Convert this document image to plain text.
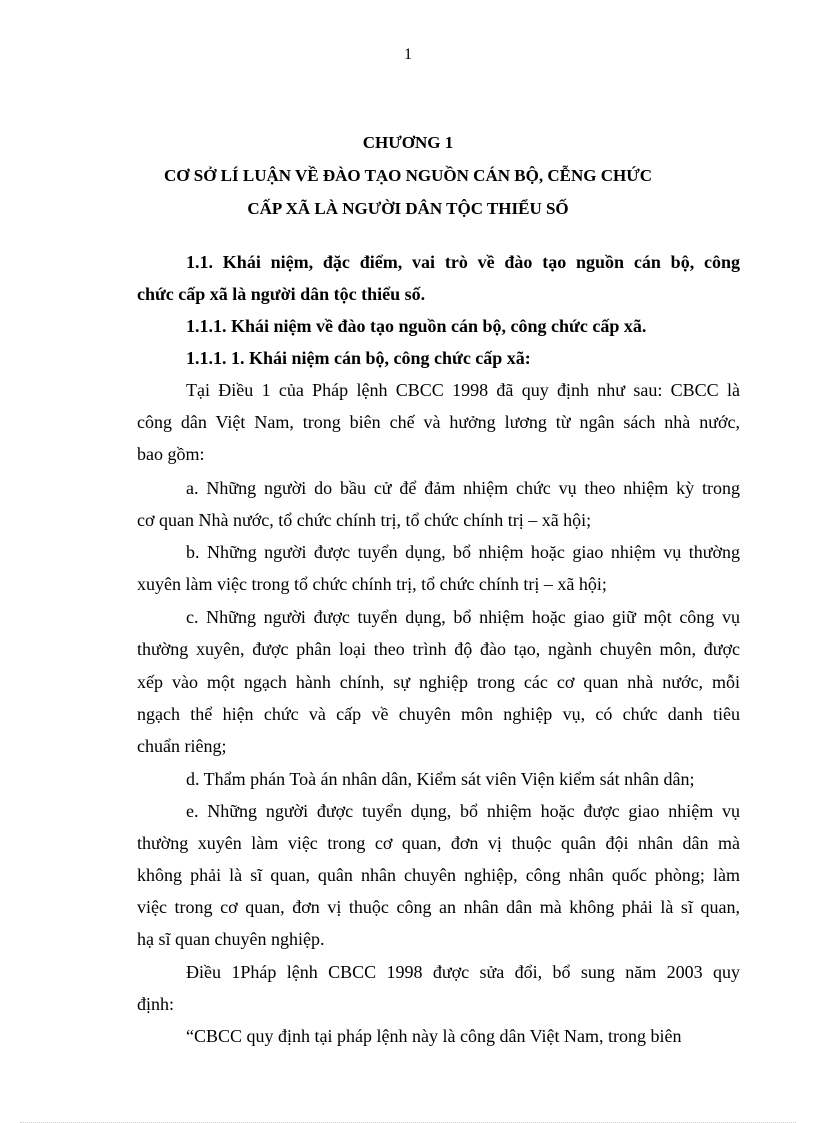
1
CHƯƠNG 1
CƠ SỞ LÍ LUẬN VỀ ĐÀO TẠO NGUỒN CÁN BỘ, CỄNG CHỨC
CẤP XÃ LÀ NGƯỜI DÂN TỘC THIỂU SỐ
1.1. Khái niệm, đặc điểm, vai trò về đào tạo nguồn cán bộ, công
chức cấp xã là người dân tộc thiểu số.
1.1.1. Khái niệm về đào tạo nguồn cán bộ, công chức cấp xã.
1.1.1. 1. Khái niệm cán bộ, công chức cấp xã:
Tại Điều 1 của Pháp lệnh CBCC 1998 đã quy định như sau: CBCC là
công dân Việt Nam, trong biên chế và hưởng lương từ ngân sách nhà nước,
bao gồm:
a. Những người do bầu cử để đảm nhiệm chức vụ theo nhiệm kỳ trong
cơ quan Nhà nước, tổ chức chính trị, tổ chức chính trị – xã hội;
b. Những người được tuyển dụng, bổ nhiệm hoặc giao nhiệm vụ thường
xuyên làm việc trong tổ chức chính trị, tổ chức chính trị – xã hội;
c. Những người được tuyển dụng, bổ nhiệm hoặc giao giữ một công vụ
thường xuyên, được phân loại theo trình độ đào tạo, ngành chuyên môn, được
xếp vào một ngạch hành chính, sự nghiệp trong các cơ quan nhà nước, mỗi
ngạch thể hiện chức và cấp về chuyên môn nghiệp vụ, có chức danh tiêu
chuẩn riêng;
d. Thẩm phán Toà án nhân dân, Kiểm sát viên Viện kiểm sát nhân dân;
e. Những người được tuyển dụng, bổ nhiệm hoặc được giao nhiệm vụ
thường xuyên làm việc trong cơ quan, đơn vị thuộc quân đội nhân dân mà
không phải là sĩ quan, quân nhân chuyên nghiệp, công nhân quốc phòng; làm
việc trong cơ quan, đơn vị thuộc công an nhân dân mà không phải là sĩ quan,
hạ sĩ quan chuyên nghiệp.
Điều 1Pháp lệnh CBCC 1998 được sửa đổi, bổ sung năm 2003 quy
định:
“CBCC quy định tại pháp lệnh này là công dân Việt Nam, trong biên
